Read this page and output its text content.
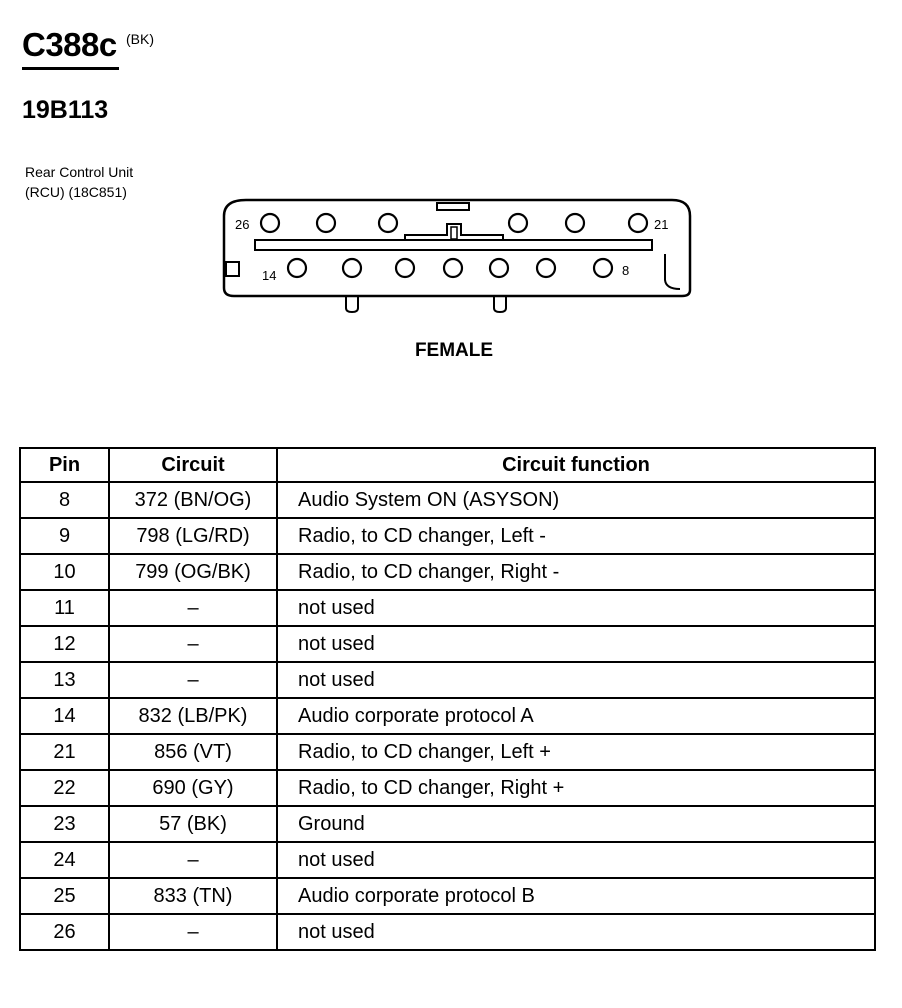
C388c (BK)
19B113
Rear Control Unit
(RCU) (18C851)
26	21
14	8
FEMALE
Pin	Circuit	Circuit function
8	372 (BN/OG)	Audio System ON (ASYSON)
9	798 (LG/RD)	Radio, to CD changer, Left -
10	799 (OG/BK)	Radio, to CD changer, Right -
11	–	not used
12	–	not used
13	–	not used
14	832 (LB/PK)	Audio corporate protocol A
21	856 (VT)	Radio, to CD changer, Left +
22	690 (GY)	Radio, to CD changer, Right +
23	57 (BK)	Ground
24	–	not used
25	833 (TN)	Audio corporate protocol B
26	–	not used
